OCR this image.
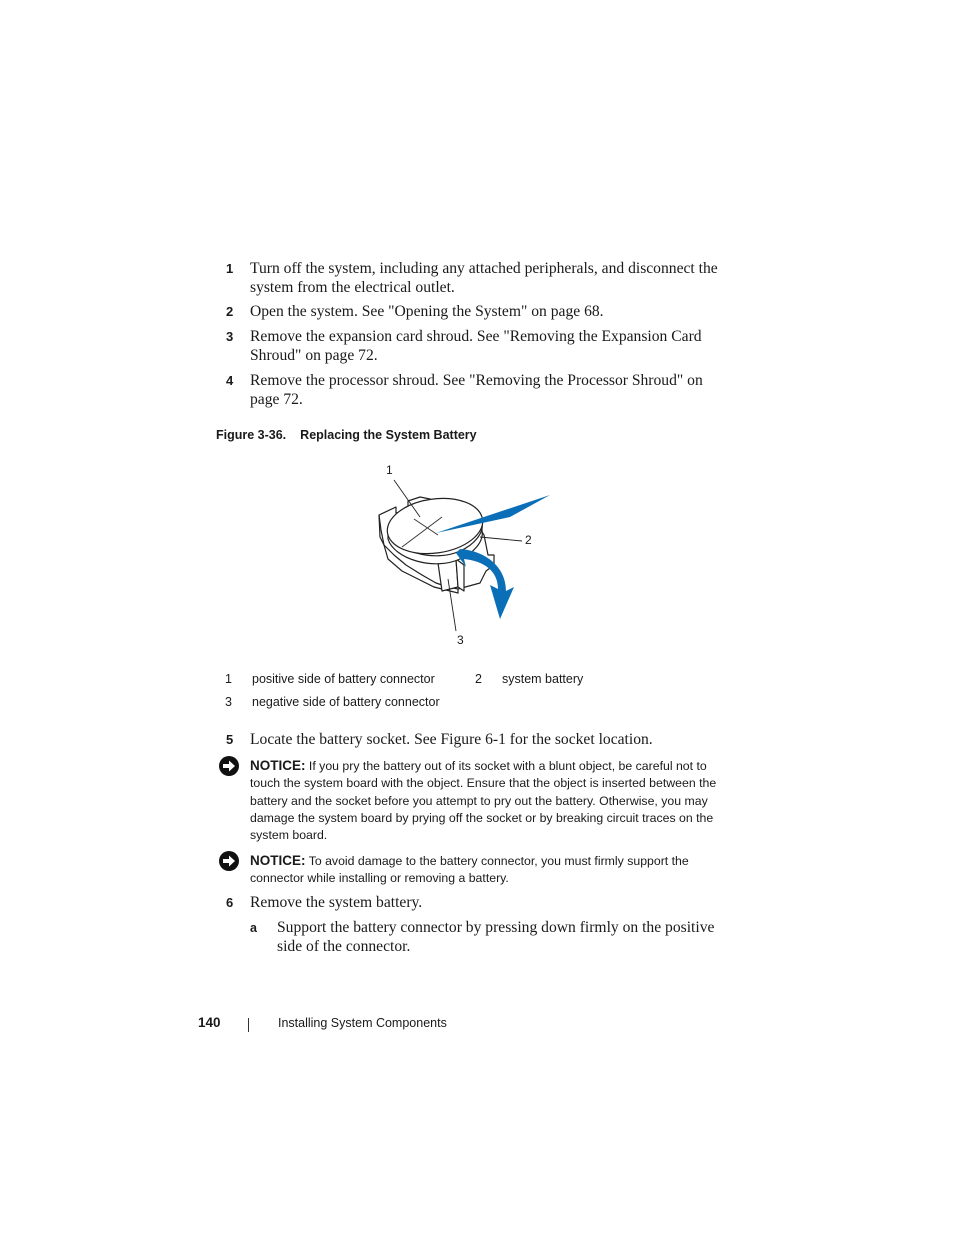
1 Turn off the system, including any attached peripherals, and disconnect the system from the electrical outlet.
2 Open the system. See "Opening the System" on page 68.
3 Remove the expansion card shroud. See "Removing the Expansion Card Shroud" on page 72.
4 Remove the processor shroud. See "Removing the Processor Shroud" on page 72.
Figure 3-36. Replacing the System Battery
1
2
3
1 positive side of battery connector	2 system battery
3 negative side of battery connector
5 Locate the battery socket. See Figure 6-1 for the socket location.
NOTICE: If you pry the battery out of its socket with a blunt object, be careful not to touch the system board with the object. Ensure that the object is inserted between the battery and the socket before you attempt to pry out the battery. Otherwise, you may damage the system board by prying off the socket or by breaking circuit traces on the system board.
NOTICE: To avoid damage to the battery connector, you must firmly support the connector while installing or removing a battery.
6 Remove the system battery.
a Support the battery connector by pressing down firmly on the positive side of the connector.
140	Installing System Components
